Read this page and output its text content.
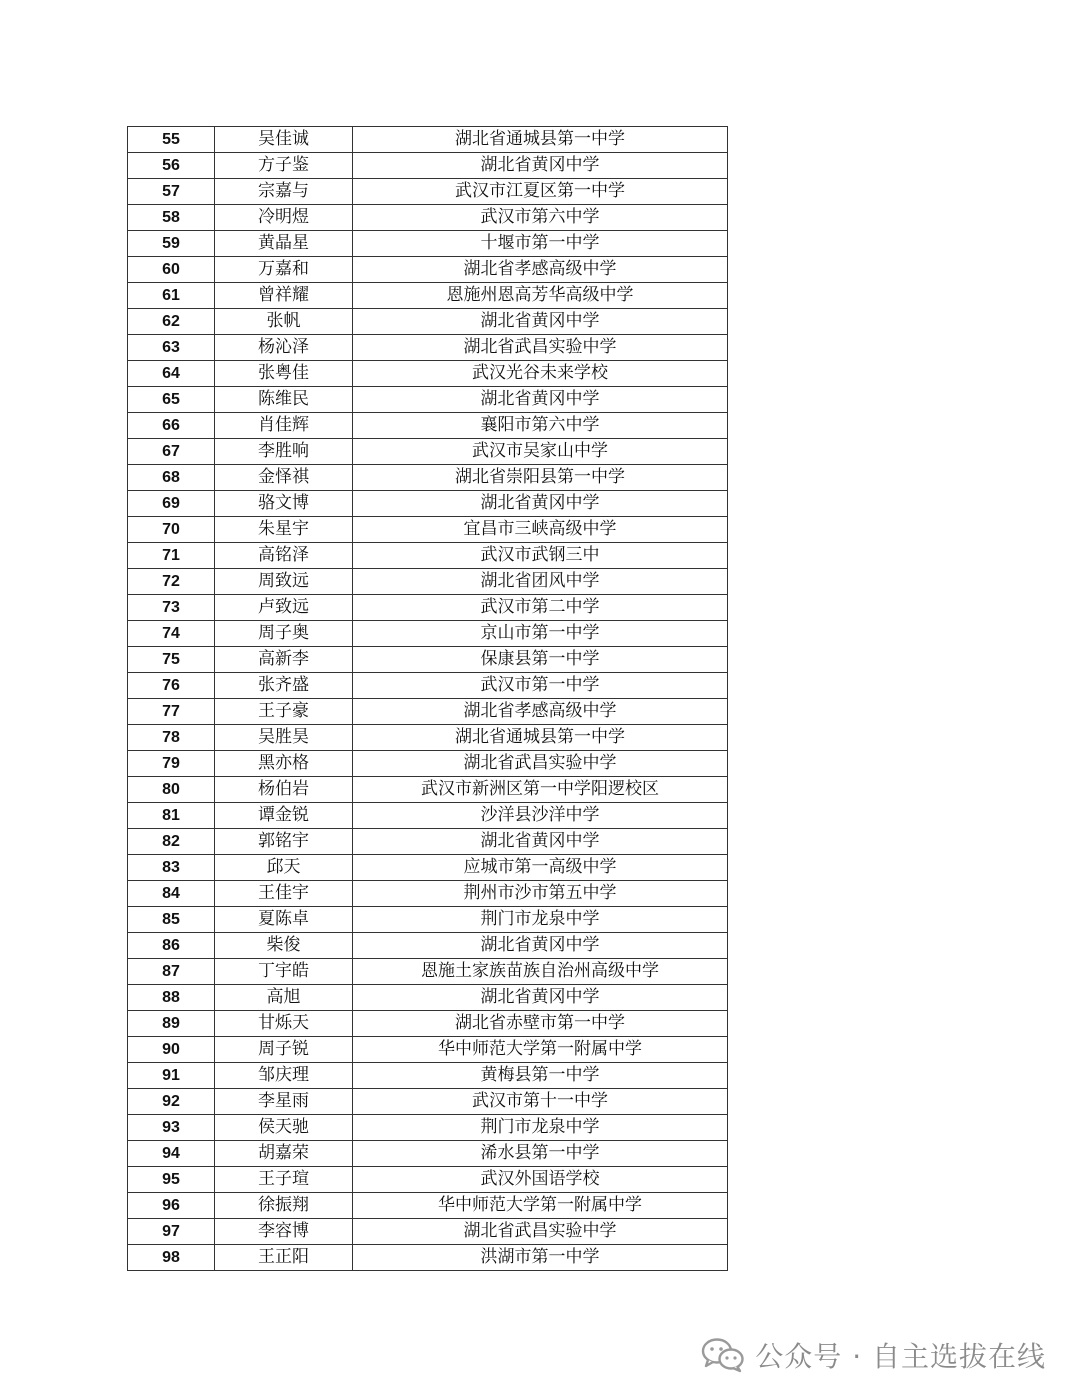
55	吴佳诚	湖北省通城县第一中学
56	方子鉴	湖北省黄冈中学
57	宗嘉与	武汉市江夏区第一中学
58	冷明煜	武汉市第六中学
59	黄晶星	十堰市第一中学
60	万嘉和	湖北省孝感高级中学
61	曾祥耀	恩施州恩高芳华高级中学
62	张帆	湖北省黄冈中学
63	杨沁泽	湖北省武昌实验中学
64	张粤佳	武汉光谷未来学校
65	陈维民	湖北省黄冈中学
66	肖佳辉	襄阳市第六中学
67	李胜响	武汉市吴家山中学
68	金怿祺	湖北省崇阳县第一中学
69	骆文博	湖北省黄冈中学
70	朱星宇	宜昌市三峡高级中学
71	高铭泽	武汉市武钢三中
72	周致远	湖北省团风中学
73	卢致远	武汉市第二中学
74	周子奥	京山市第一中学
75	高新李	保康县第一中学
76	张齐盛	武汉市第一中学
77	王子豪	湖北省孝感高级中学
78	吴胜昊	湖北省通城县第一中学
79	黑亦格	湖北省武昌实验中学
80	杨伯岩	武汉市新洲区第一中学阳逻校区
81	谭金锐	沙洋县沙洋中学
82	郭铭宇	湖北省黄冈中学
83	邱天	应城市第一高级中学
84	王佳宇	荆州市沙市第五中学
85	夏陈卓	荆门市龙泉中学
86	柴俊	湖北省黄冈中学
87	丁宇皓	恩施土家族苗族自治州高级中学
88	高旭	湖北省黄冈中学
89	甘烁天	湖北省赤壁市第一中学
90	周子锐	华中师范大学第一附属中学
91	邹庆理	黄梅县第一中学
92	李星雨	武汉市第十一中学
93	侯天驰	荆门市龙泉中学
94	胡嘉荣	浠水县第一中学
95	王子瑄	武汉外国语学校
96	徐振翔	华中师范大学第一附属中学
97	李容博	湖北省武昌实验中学
98	王正阳	洪湖市第一中学
公众号 · 自主选拔在线
